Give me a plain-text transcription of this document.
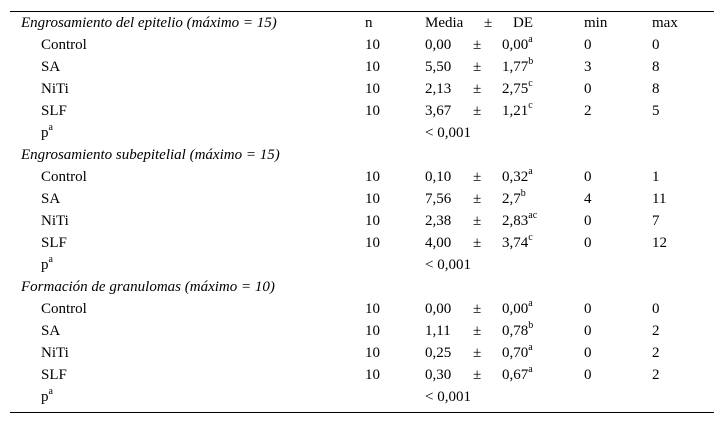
Engrosamiento del epitelio (máximo = 15)	n	Media ± DE	min	max
Control	10	0,00 ± 0,00$^a$	0	0
SA	10	5,50 ± 1,77$^b$	3	8
NiTi	10	2,13 ± 2,75$^c$	0	8
SLF	10	3,67 ± 1,21$^c$	2	5
$p^a$	< 0,001
Engrosamiento subepitelial (máximo = 15)
Control	10	0,10 ± 0,32$^a$	0	1
SA	10	7,56 ± 2,7$^b$	4	11
NiTi	10	2,38 ± 2,83$^{ac}$	0	7
SLF	10	4,00 ± 3,74$^c$	0	12
$p^a$	< 0,001
Formación de granulomas (máximo = 10)
Control	10	0,00 ± 0,00$^a$	0	0
SA	10	1,11 ± 0,78$^b$	0	2
NiTi	10	0,25 ± 0,70$^a$	0	2
SLF	10	0,30 ± 0,67$^a$	0	2
$p^a$	< 0,001
